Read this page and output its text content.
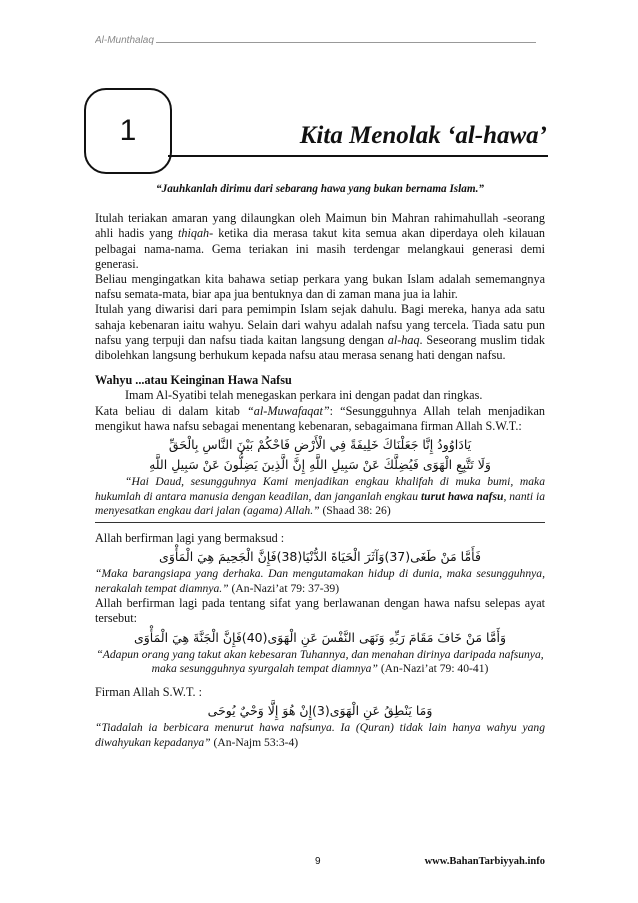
Al-Munthalaq
1	Kita Menolak ‘al-hawa’

“Jauhkanlah dirimu dari sebarang hawa yang bukan bernama Islam.”

Itulah teriakan amaran yang dilaungkan oleh Maimun bin Mahran rahimahullah -seorang ahli hadis yang thiqah- ketika dia merasa takut kita semua akan diperdaya oleh kilauan pelbagai nama-nama. Gema teriakan ini masih terdengar melangkaui generasi demi generasi.

Beliau mengingatkan kita bahawa setiap perkara yang bukan Islam adalah sememangnya nafsu semata-mata, biar apa jua bentuknya dan di zaman mana jua ia lahir.

Itulah yang diwarisi dari para pemimpin Islam sejak dahulu. Bagi mereka, hanya ada satu sahaja kebenaran iaitu wahyu. Selain dari wahyu adalah nafsu yang tercela. Tiada satu pun nafsu yang terpuji dan nafsu tiada kaitan langsung dengan al-haq. Seseorang muslim tidak dibolehkan langsung berhukum kepada nafsu atau merasa senang hati dengan nafsu.

Wahyu ...atau Keinginan Hawa Nafsu

Imam Al-Syatibi telah menegaskan perkara ini dengan padat dan ringkas.

Kata beliau di dalam kitab “al-Muwafaqat”: “Sesungguhnya Allah telah menjadikan mengikut hawa nafsu sebagai menentang kebenaran, sebagaimana firman Allah S.W.T.:

يَادَاوُودُ إِنَّا جَعَلْنَاكَ خَلِيفَةً فِي الْأَرْضِ فَاحْكُمْ بَيْنَ النَّاسِ بِالْحَقِّ

وَلَا تَتَّبِعِ الْهَوَى فَيُضِلَّكَ عَنْ سَبِيلِ اللَّهِ إِنَّ الَّذِينَ يَضِلُّونَ عَنْ سَبِيلِ اللَّهِ

“Hai Daud, sesungguhnya Kami menjadikan engkau khalifah di muka bumi, maka hukumlah di antara manusia dengan keadilan, dan janganlah engkau turut hawa nafsu, nanti ia menyesatkan engkau dari jalan (agama) Allah.” (Shaad 38: 26)

Allah berfirman lagi yang bermaksud :

فَأَمَّا مَنْ طَغَى(37)وَآثَرَ الْحَيَاةَ الدُّنْيَا(38)فَإِنَّ الْجَحِيمَ هِيَ الْمَأْوَى

“Maka barangsiapa yang derhaka. Dan mengutamakan hidup di dunia, maka sesungguhnya, nerakalah tempat diamnya.” (An-Nazi’at 79: 37-39)

Allah berfirman lagi pada tentang sifat yang berlawanan dengan hawa nafsu selepas ayat tersebut:

وَأَمَّا مَنْ خَافَ مَقَامَ رَبِّهِ وَنَهَى النَّفْسَ عَنِ الْهَوَى(40)فَإِنَّ الْجَنَّةَ هِيَ الْمَأْوَى

“Adapun orang yang takut akan kebesaran Tuhannya, dan menahan dirinya daripada nafsunya, maka sesungguhnya syurgalah tempat diamnya” (An-Nazi’at 79: 40-41)

Firman Allah S.W.T. :

وَمَا يَنْطِقُ عَنِ الْهَوَى(3)إِنْ هُوَ إِلَّا وَحْيٌ يُوحَى

“Tiadalah ia berbicara menurut hawa nafsunya. Ia (Quran) tidak lain hanya wahyu yang diwahyukan kepadanya” (An-Najm 53:3-4)

9	www.BahanTarbiyyah.info
